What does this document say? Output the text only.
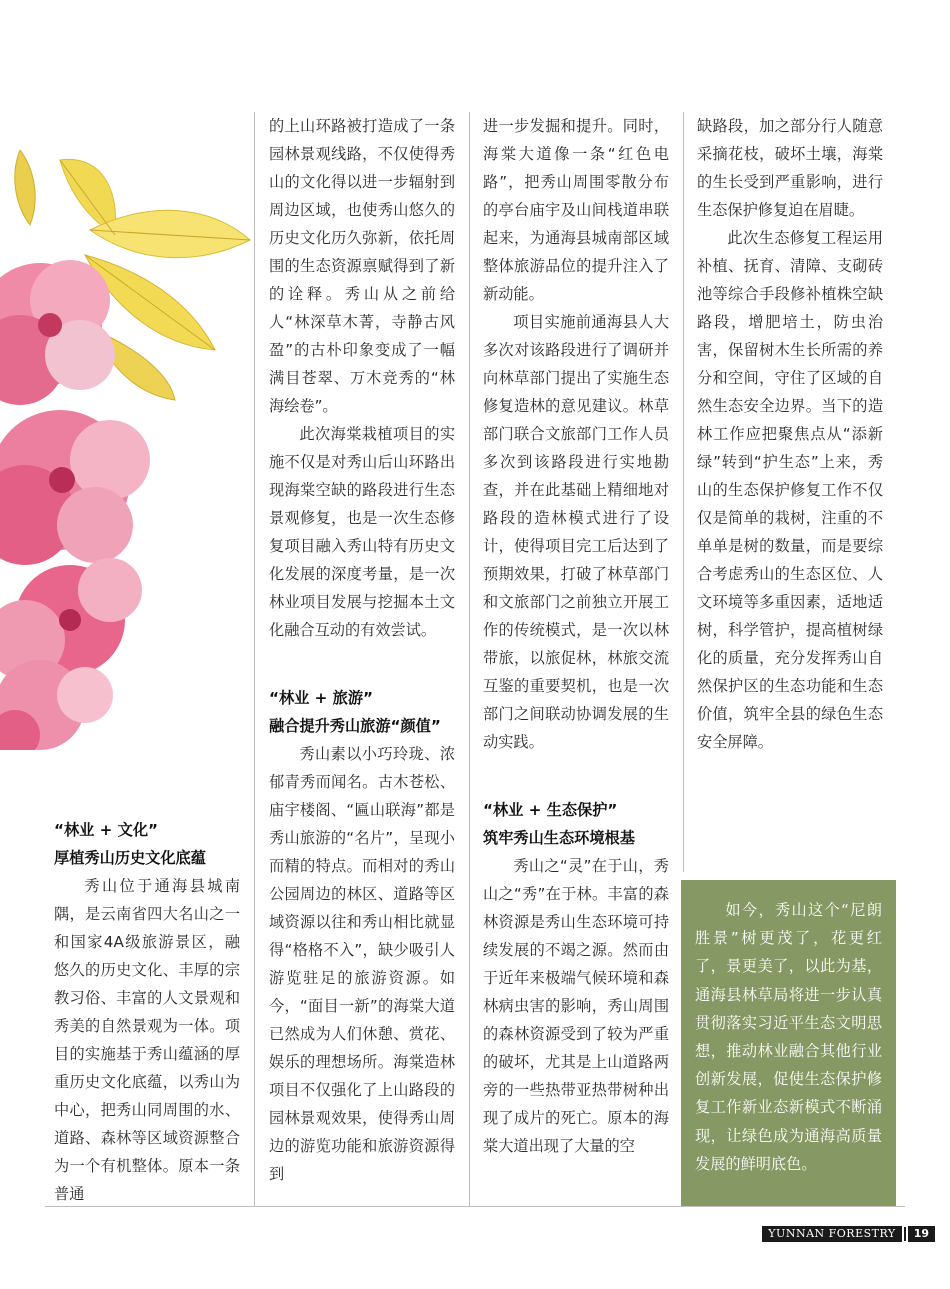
“林业 + 文化”
厚植秀山历史文化底蕴

秀山位于通海县城南隅，是云南省四大名山之一和国家4A级旅游景区，融悠久的历史文化、丰厚的宗教习俗、丰富的人文景观和秀美的自然景观为一体。项目的实施基于秀山蕴涵的厚重历史文化底蕴，以秀山为中心，把秀山同周围的水、道路、森林等区域资源整合为一个有机整体。原本一条普通

的上山环路被打造成了一条园林景观线路，不仅使得秀山的文化得以进一步辐射到周边区域，也使秀山悠久的历史文化历久弥新，依托周围的生态资源禀赋得到了新的诠释。秀山从之前给人“林深草木菁，寺静古风盈”的古朴印象变成了一幅满目苍翠、万木竞秀的“林海绘卷”。

此次海棠栽植项目的实施不仅是对秀山后山环路出现海棠空缺的路段进行生态景观修复，也是一次生态修复项目融入秀山特有历史文化发展的深度考量，是一次林业项目发展与挖掘本土文化融合互动的有效尝试。

“林业 + 旅游”
融合提升秀山旅游“颜值”

秀山素以小巧玲珑、浓郁青秀而闻名。古木苍松、庙宇楼阁、“匾山联海”都是秀山旅游的“名片”，呈现小而精的特点。而相对的秀山公园周边的林区、道路等区域资源以往和秀山相比就显得“格格不入”，缺少吸引人游览驻足的旅游资源。如今，“面目一新”的海棠大道已然成为人们休憩、赏花、娱乐的理想场所。海棠造林项目不仅强化了上山路段的园林景观效果，使得秀山周边的游览功能和旅游资源得到

进一步发掘和提升。同时，海棠大道像一条“红色电路”，把秀山周围零散分布的亭台庙宇及山间栈道串联起来，为通海县城南部区域整体旅游品位的提升注入了新动能。

项目实施前通海县人大多次对该路段进行了调研并向林草部门提出了实施生态修复造林的意见建议。林草部门联合文旅部门工作人员多次到该路段进行实地勘查，并在此基础上精细地对路段的造林模式进行了设计，使得项目完工后达到了预期效果，打破了林草部门和文旅部门之前独立开展工作的传统模式，是一次以林带旅，以旅促林，林旅交流互鉴的重要契机，也是一次部门之间联动协调发展的生动实践。

“林业 + 生态保护”
筑牢秀山生态环境根基

秀山之“灵”在于山，秀山之“秀”在于林。丰富的森林资源是秀山生态环境可持续发展的不竭之源。然而由于近年来极端气候环境和森林病虫害的影响，秀山周围的森林资源受到了较为严重的破坏，尤其是上山道路两旁的一些热带亚热带树种出现了成片的死亡。原本的海棠大道出现了大量的空

缺路段，加之部分行人随意采摘花枝，破坏土壤，海棠的生长受到严重影响，进行生态保护修复迫在眉睫。

此次生态修复工程运用补植、抚育、清障、支砌砖池等综合手段修补植株空缺路段，增肥培土，防虫治害，保留树木生长所需的养分和空间，守住了区域的自然生态安全边界。当下的造林工作应把聚焦点从“添新绿”转到“护生态”上来，秀山的生态保护修复工作不仅仅是简单的栽树，注重的不单单是树的数量，而是要综合考虑秀山的生态区位、人文环境等多重因素，适地适树，科学管护，提高植树绿化的质量，充分发挥秀山自然保护区的生态功能和生态价值，筑牢全县的绿色生态安全屏障。

如今，秀山这个“尼朗胜景”树更茂了，花更红了，景更美了，以此为基，通海县林草局将进一步认真贯彻落实习近平生态文明思想，推动林业融合其他行业创新发展，促使生态保护修复工作新业态新模式不断涌现，让绿色成为通海高质量发展的鲜明底色。

YUNNAN FORESTRY	19
